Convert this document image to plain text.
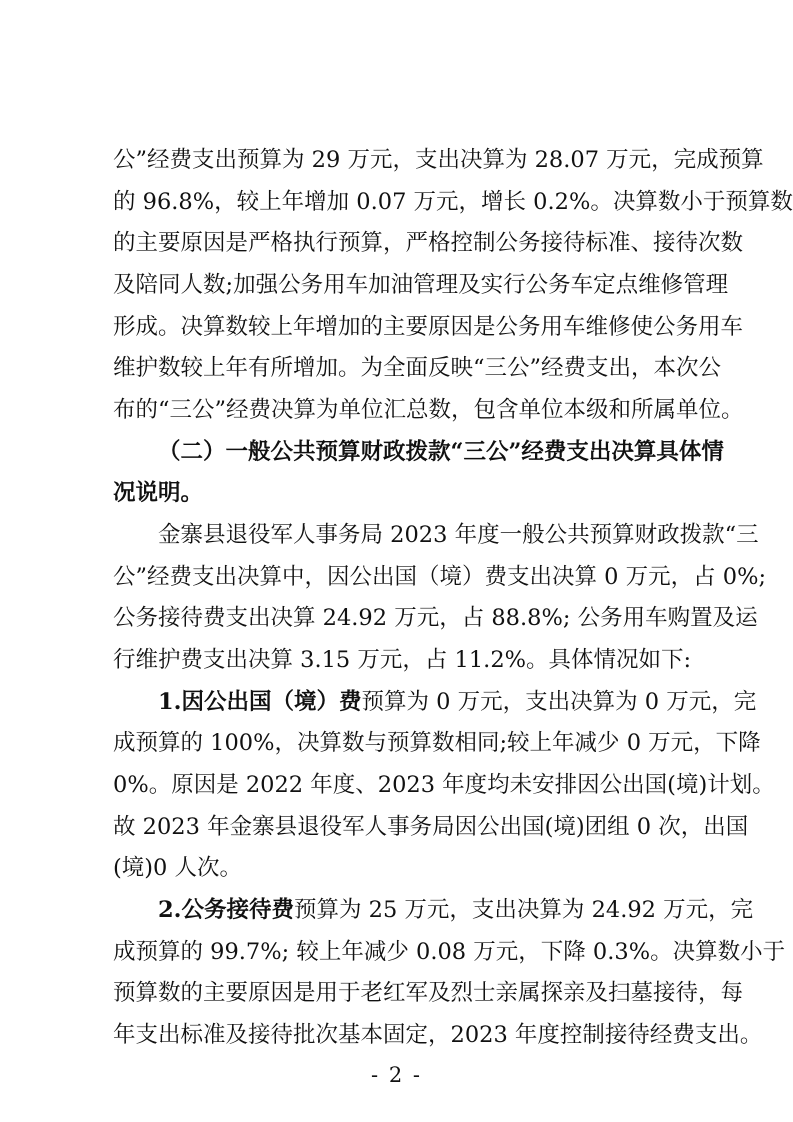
公”经费支出预算为 29 万元，支出决算为 28.07 万元，完成预算
的 96.8%，较上年增加 0.07 万元，增长 0.2%。决算数小于预算数
的主要原因是严格执行预算，严格控制公务接待标准、接待次数
及陪同人数;加强公务用车加油管理及实行公务车定点维修管理
形成。决算数较上年增加的主要原因是公务用车维修使公务用车
维护数较上年有所增加。为全面反映“三公”经费支出，本次公
布的“三公”经费决算为单位汇总数，包含单位本级和所属单位。
（二）一般公共预算财政拨款“三公”经费支出决算具体情
况说明。
金寨县退役军人事务局 2023 年度一般公共预算财政拨款“三
公”经费支出决算中，因公出国（境）费支出决算 0 万元，占 0%;
公务接待费支出决算 24.92 万元，占 88.8%; 公务用车购置及运
行维护费支出决算 3.15 万元，占 11.2%。具体情况如下:
1.因公出国（境）费预算为 0 万元，支出决算为 0 万元，完
成预算的 100%，决算数与预算数相同;较上年减少 0 万元，下降
0%。原因是 2022 年度、2023 年度均未安排因公出国(境)计划。
故 2023 年金寨县退役军人事务局因公出国(境)团组 0 次，出国
(境)0 人次。
2.公务接待费预算为 25 万元，支出决算为 24.92 万元，完
成预算的 99.7%; 较上年减少 0.08 万元，下降 0.3%。决算数小于
预算数的主要原因是用于老红军及烈士亲属探亲及扫墓接待，每
年支出标准及接待批次基本固定，2023 年度控制接待经费支出。
- 2 -
